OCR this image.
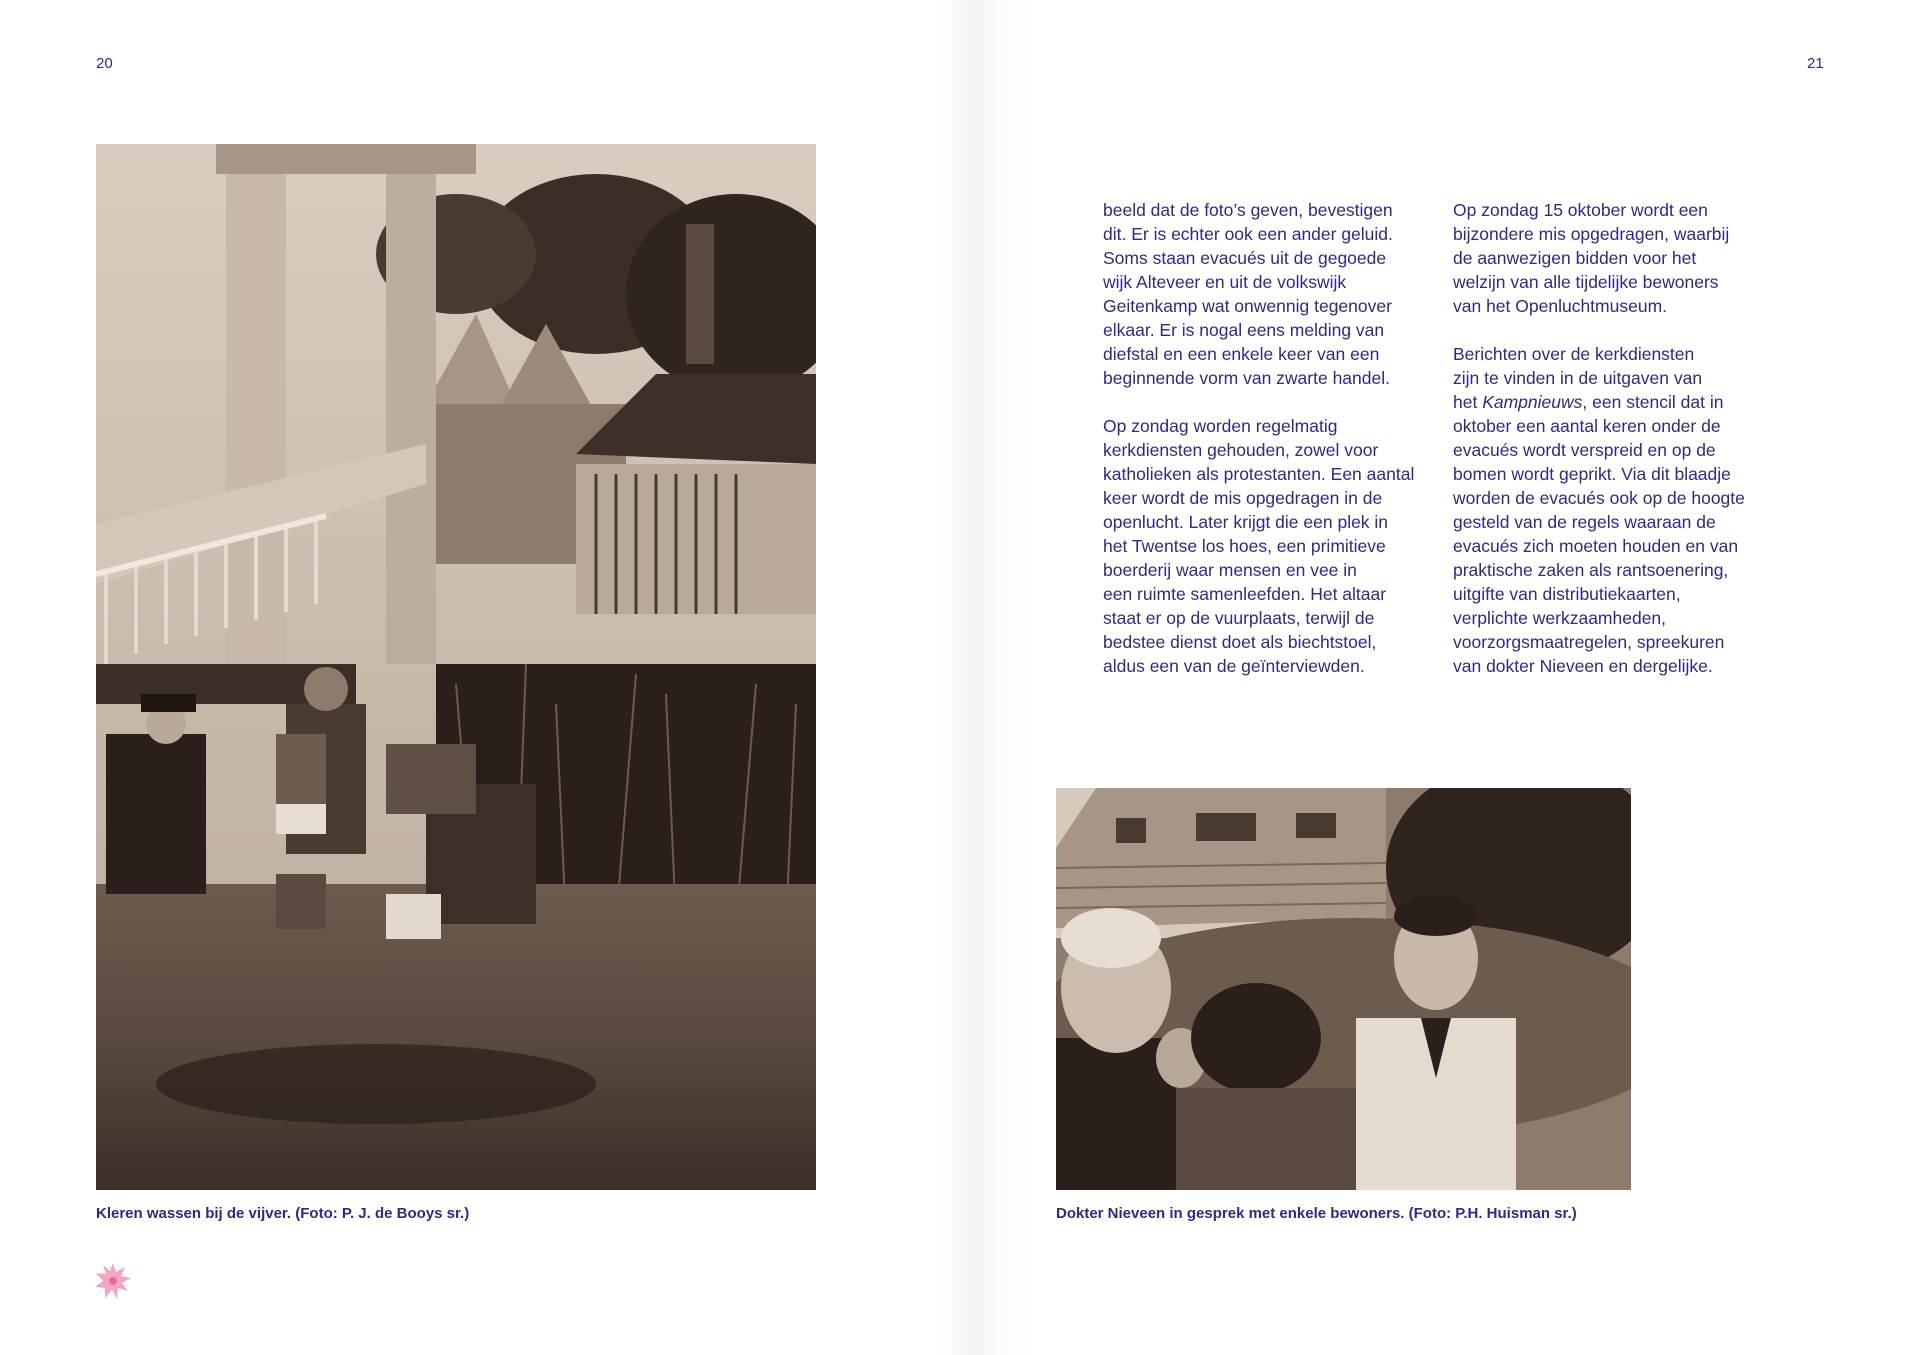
20	21
Kleren wassen bij de vijver. (Foto: P. J. de Booys sr.)

beeld dat de foto’s geven, bevestigen
dit. Er is echter ook een ander geluid.
Soms staan evacués uit de gegoede
wijk Alteveer en uit de volkswijk
Geitenkamp wat onwennig tegenover
elkaar. Er is nogal eens melding van
diefstal en een enkele keer van een
beginnende vorm van zwarte handel.

Op zondag worden regelmatig
kerkdiensten gehouden, zowel voor
katholieken als protestanten. Een aantal
keer wordt de mis opgedragen in de
openlucht. Later krijgt die een plek in
het Twentse los hoes, een primitieve
boerderij waar mensen en vee in
een ruimte samenleefden. Het altaar
staat er op de vuurplaats, terwijl de
bedstee dienst doet als biechtstoel,
aldus een van de geïnterviewden.

Op zondag 15 oktober wordt een
bijzondere mis opgedragen, waarbij
de aanwezigen bidden voor het
welzijn van alle tijdelijke bewoners
van het Openluchtmuseum.

Berichten over de kerkdiensten
zijn te vinden in de uitgaven van
het Kampnieuws, een stencil dat in
oktober een aantal keren onder de
evacués wordt verspreid en op de
bomen wordt geprikt. Via dit blaadje
worden de evacués ook op de hoogte
gesteld van de regels waaraan de
evacués zich moeten houden en van
praktische zaken als rantsoenering,
uitgifte van distributiekaarten,
verplichte werkzaamheden,
voorzorgsmaatregelen, spreekuren
van dokter Nieveen en dergelijke.

Dokter Nieveen in gesprek met enkele bewoners. (Foto: P.H. Huisman sr.)
